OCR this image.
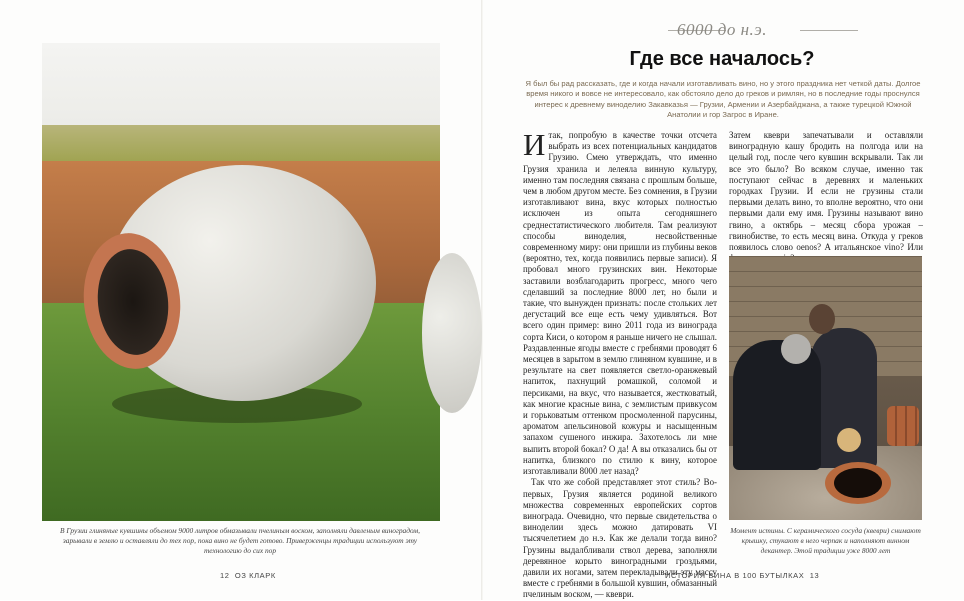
В Грузии глиняные кувшины объемом 9000 литров обмазывали пчелиным воском, заполняли давленым виноградом, зарывали в землю и оставляли до тех пор, пока вино не будет готово. Приверженцы традиции используют эту технологию до сих пор
12 ОЗ КЛАРК
6000 до н.э.
Где все началось?
Я был бы рад рассказать, где и когда начали изготавливать вино, но у этого праздника нет четкой даты. Долгое время никого и вовсе не интересовало, как обстояло дело до греков и римлян, но в последние годы проснулся интерес к древнему виноделию Закавказья — Грузии, Армении и Азербайджана, а также турецкой Южной Анатолии и гор Загрос в Иране.

Итак, попробую в качестве точки отсчета выбрать из всех потенциальных кандидатов Грузию. Смею утверждать, что именно Грузия хранила и лелеяла винную культуру, именно там последняя связана с прошлым больше, чем в любом другом месте. Без сомнения, в Грузии изготавливают вина, вкус которых полностью исключен из опыта сегодняшнего среднестатистического любителя. Там реализуют способы виноделия, несвойственные современному миру: они пришли из глубины веков (вероятно, тех, когда появились первые записи). Я пробовал много грузинских вин. Некоторые заставили возблагодарить прогресс, много чего сделавший за последние 8000 лет, но были и такие, что вынужден признать: после стольких лет дегустаций все еще есть чему удивляться. Вот всего один пример: вино 2011 года из винограда сорта Киси, о котором я раньше ничего не слышал. Раздавленные ягоды вместе с гребнями проводят 6 месяцев в зарытом в землю глиняном кувшине, и в результате на свет появляется светло-оранжевый напиток, пахнущий ромашкой, соломой и персиками, на вкус, что называется, жестковатый, как многие красные вина, с землистым привкусом и горьковатым оттенком просмоленной парусины, ароматом апельсиновой кожуры и насыщенным запахом сушеного инжира. Захотелось ли мне выпить второй бокал? О да! А вы отказались бы от напитка, близкого по стилю к вину, которое изготавливали 8000 лет назад?

Так что же собой представляет этот стиль? Во-первых, Грузия является родиной великого множества современных европейских сортов винограда. Очевидно, что первые свидетельства о виноделии здесь можно датировать VI тысячелетием до н.э. Как же делали тогда вино? Грузины выдалбливали ствол дерева, заполняли деревянное корыто виноградными гроздьями, давили их ногами, затем перекладывали эту массу вместе с гребнями в большой кувшин, обмазанный пчелиным воском, — квеври.

Затем квеври запечатывали и оставляли виноградную кашу бродить на полгода или на целый год, после чего кувшин вскрывали. Так ли все это было? Во всяком случае, именно так поступают сейчас в деревнях и маленьких городках Грузии. И если не грузины стали первыми делать вино, то вполне вероятно, что они первыми дали ему имя. Грузины называют вино гвино, а октябрь – месяц сбора урожая – гвинобистве, то есть месяц вина. Откуда у греков появилось слово oenos? А итальянское vino? Или

Момент истины. С керамического сосуда (квеври) снимают крышку, стукают в него черпак и наполняют винном декантер. Этой традиции уже 8000 лет
ИСТОРИЯ ВИНА В 100 БУТЫЛКАХ 13
